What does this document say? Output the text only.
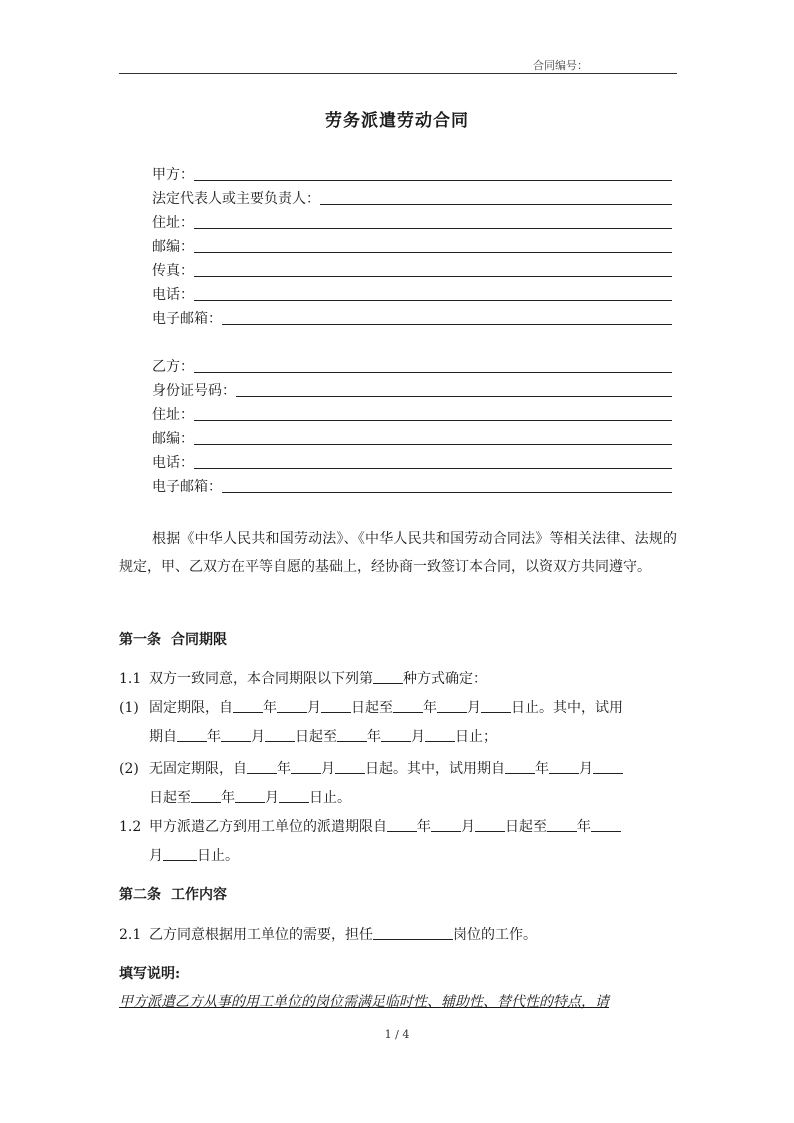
合同编号：
劳务派遣劳动合同
甲方：
法定代表人或主要负责人：
住址：
邮编：
传真：
电话：
电子邮箱：
乙方：
身份证号码：
住址：
邮编：
电话：
电子邮箱：
根据《中华人民共和国劳动法》、《中华人民共和国劳动合同法》等相关法律、法规的规定，甲、乙双方在平等自愿的基础上，经协商一致签订本合同，以资双方共同遵守。
第一条 合同期限
1.1 双方一致同意，本合同期限以下列第 种方式确定：
(1) 固定期限，自 年 月 日起至 年 月 日止。其中，试用
期自 年 月 日起至 年 月 日止；
(2) 无固定期限，自 年 月 日起。其中，试用期自 年 月
日起至 年 月 日止。
1.2 甲方派遣乙方到用工单位的派遣期限自 年 月 日起至 年
月 日止。
第二条 工作内容
2.1 乙方同意根据用工单位的需要，担任	岗位的工作。
填写说明:
甲方派遣乙方从事的用工单位的岗位需满足临时性、辅助性、替代性的特点，请
1 / 4
